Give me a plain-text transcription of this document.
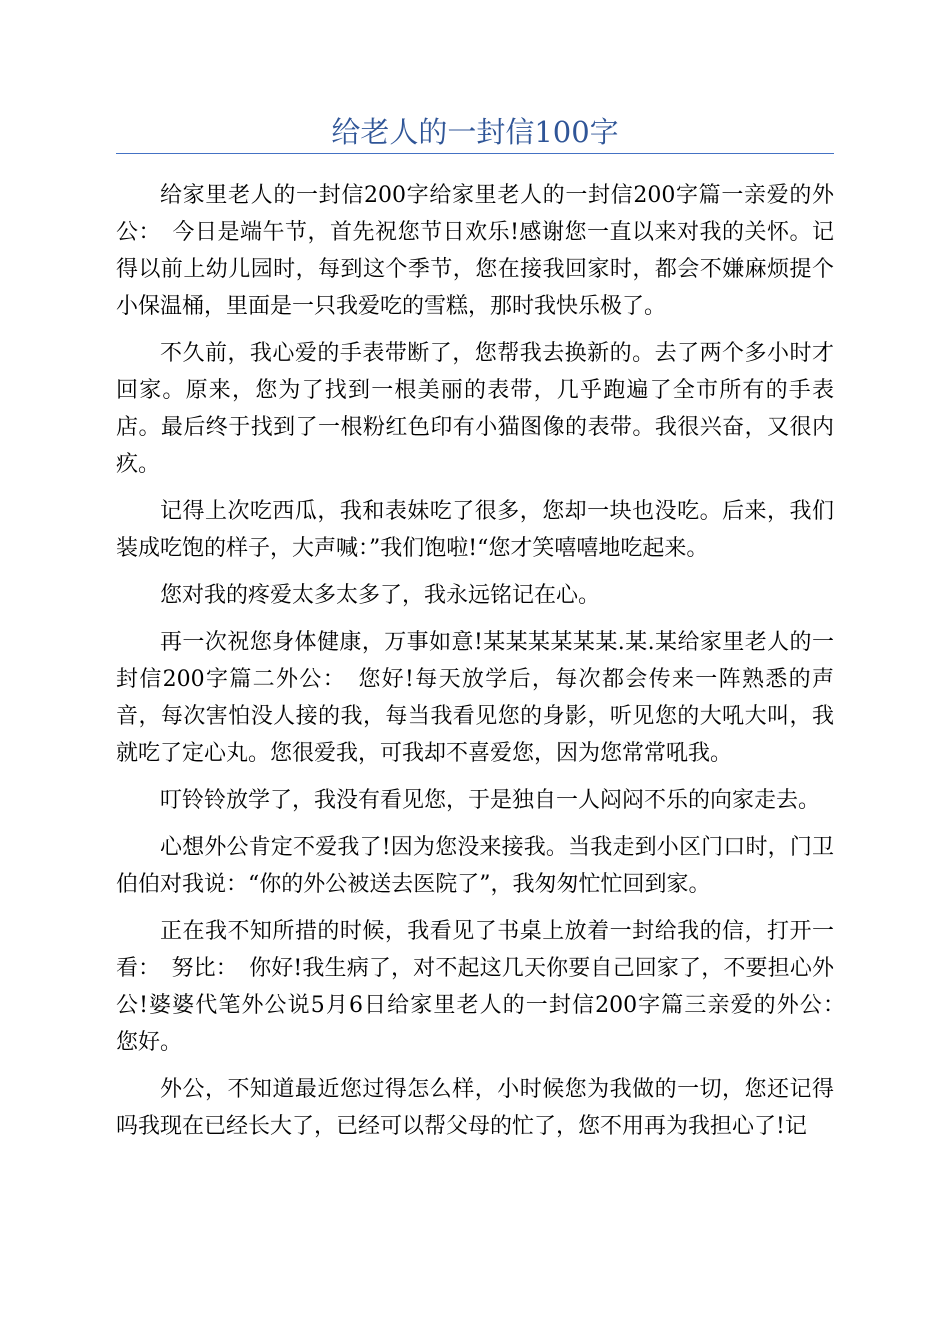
给老人的一封信100字

给家里老人的一封信200字给家里老人的一封信200字篇一亲爱的外公：　今日是端午节，首先祝您节日欢乐!感谢您一直以来对我的关怀。记得以前上幼儿园时，每到这个季节，您在接我回家时，都会不嫌麻烦提个小保温桶，里面是一只我爱吃的雪糕，那时我快乐极了。

不久前，我心爱的手表带断了，您帮我去换新的。去了两个多小时才回家。原来，您为了找到一根美丽的表带，几乎跑遍了全市所有的手表店。最后终于找到了一根粉红色印有小猫图像的表带。我很兴奋，又很内疚。

记得上次吃西瓜，我和表妹吃了很多，您却一块也没吃。后来，我们装成吃饱的样子，大声喊：”我们饱啦!“您才笑嘻嘻地吃起来。

您对我的疼爱太多太多了，我永远铭记在心。

再一次祝您身体健康，万事如意!某某某某某某.某.某给家里老人的一封信200字篇二外公：　您好!每天放学后，每次都会传来一阵熟悉的声音，每次害怕没人接的我，每当我看见您的身影，听见您的大吼大叫，我就吃了定心丸。您很爱我，可我却不喜爱您，因为您常常吼我。

叮铃铃放学了，我没有看见您，于是独自一人闷闷不乐的向家走去。

心想外公肯定不爱我了!因为您没来接我。当我走到小区门口时，门卫伯伯对我说：“你的外公被送去医院了”，我匆匆忙忙回到家。

正在我不知所措的时候，我看见了书桌上放着一封给我的信，打开一看：　努比：　你好!我生病了，对不起这几天你要自己回家了，不要担心外公!婆婆代笔外公说5月6日给家里老人的一封信200字篇三亲爱的外公：　您好。

外公，不知道最近您过得怎么样，小时候您为我做的一切，您还记得吗我现在已经长大了，已经可以帮父母的忙了，您不用再为我担心了!记
